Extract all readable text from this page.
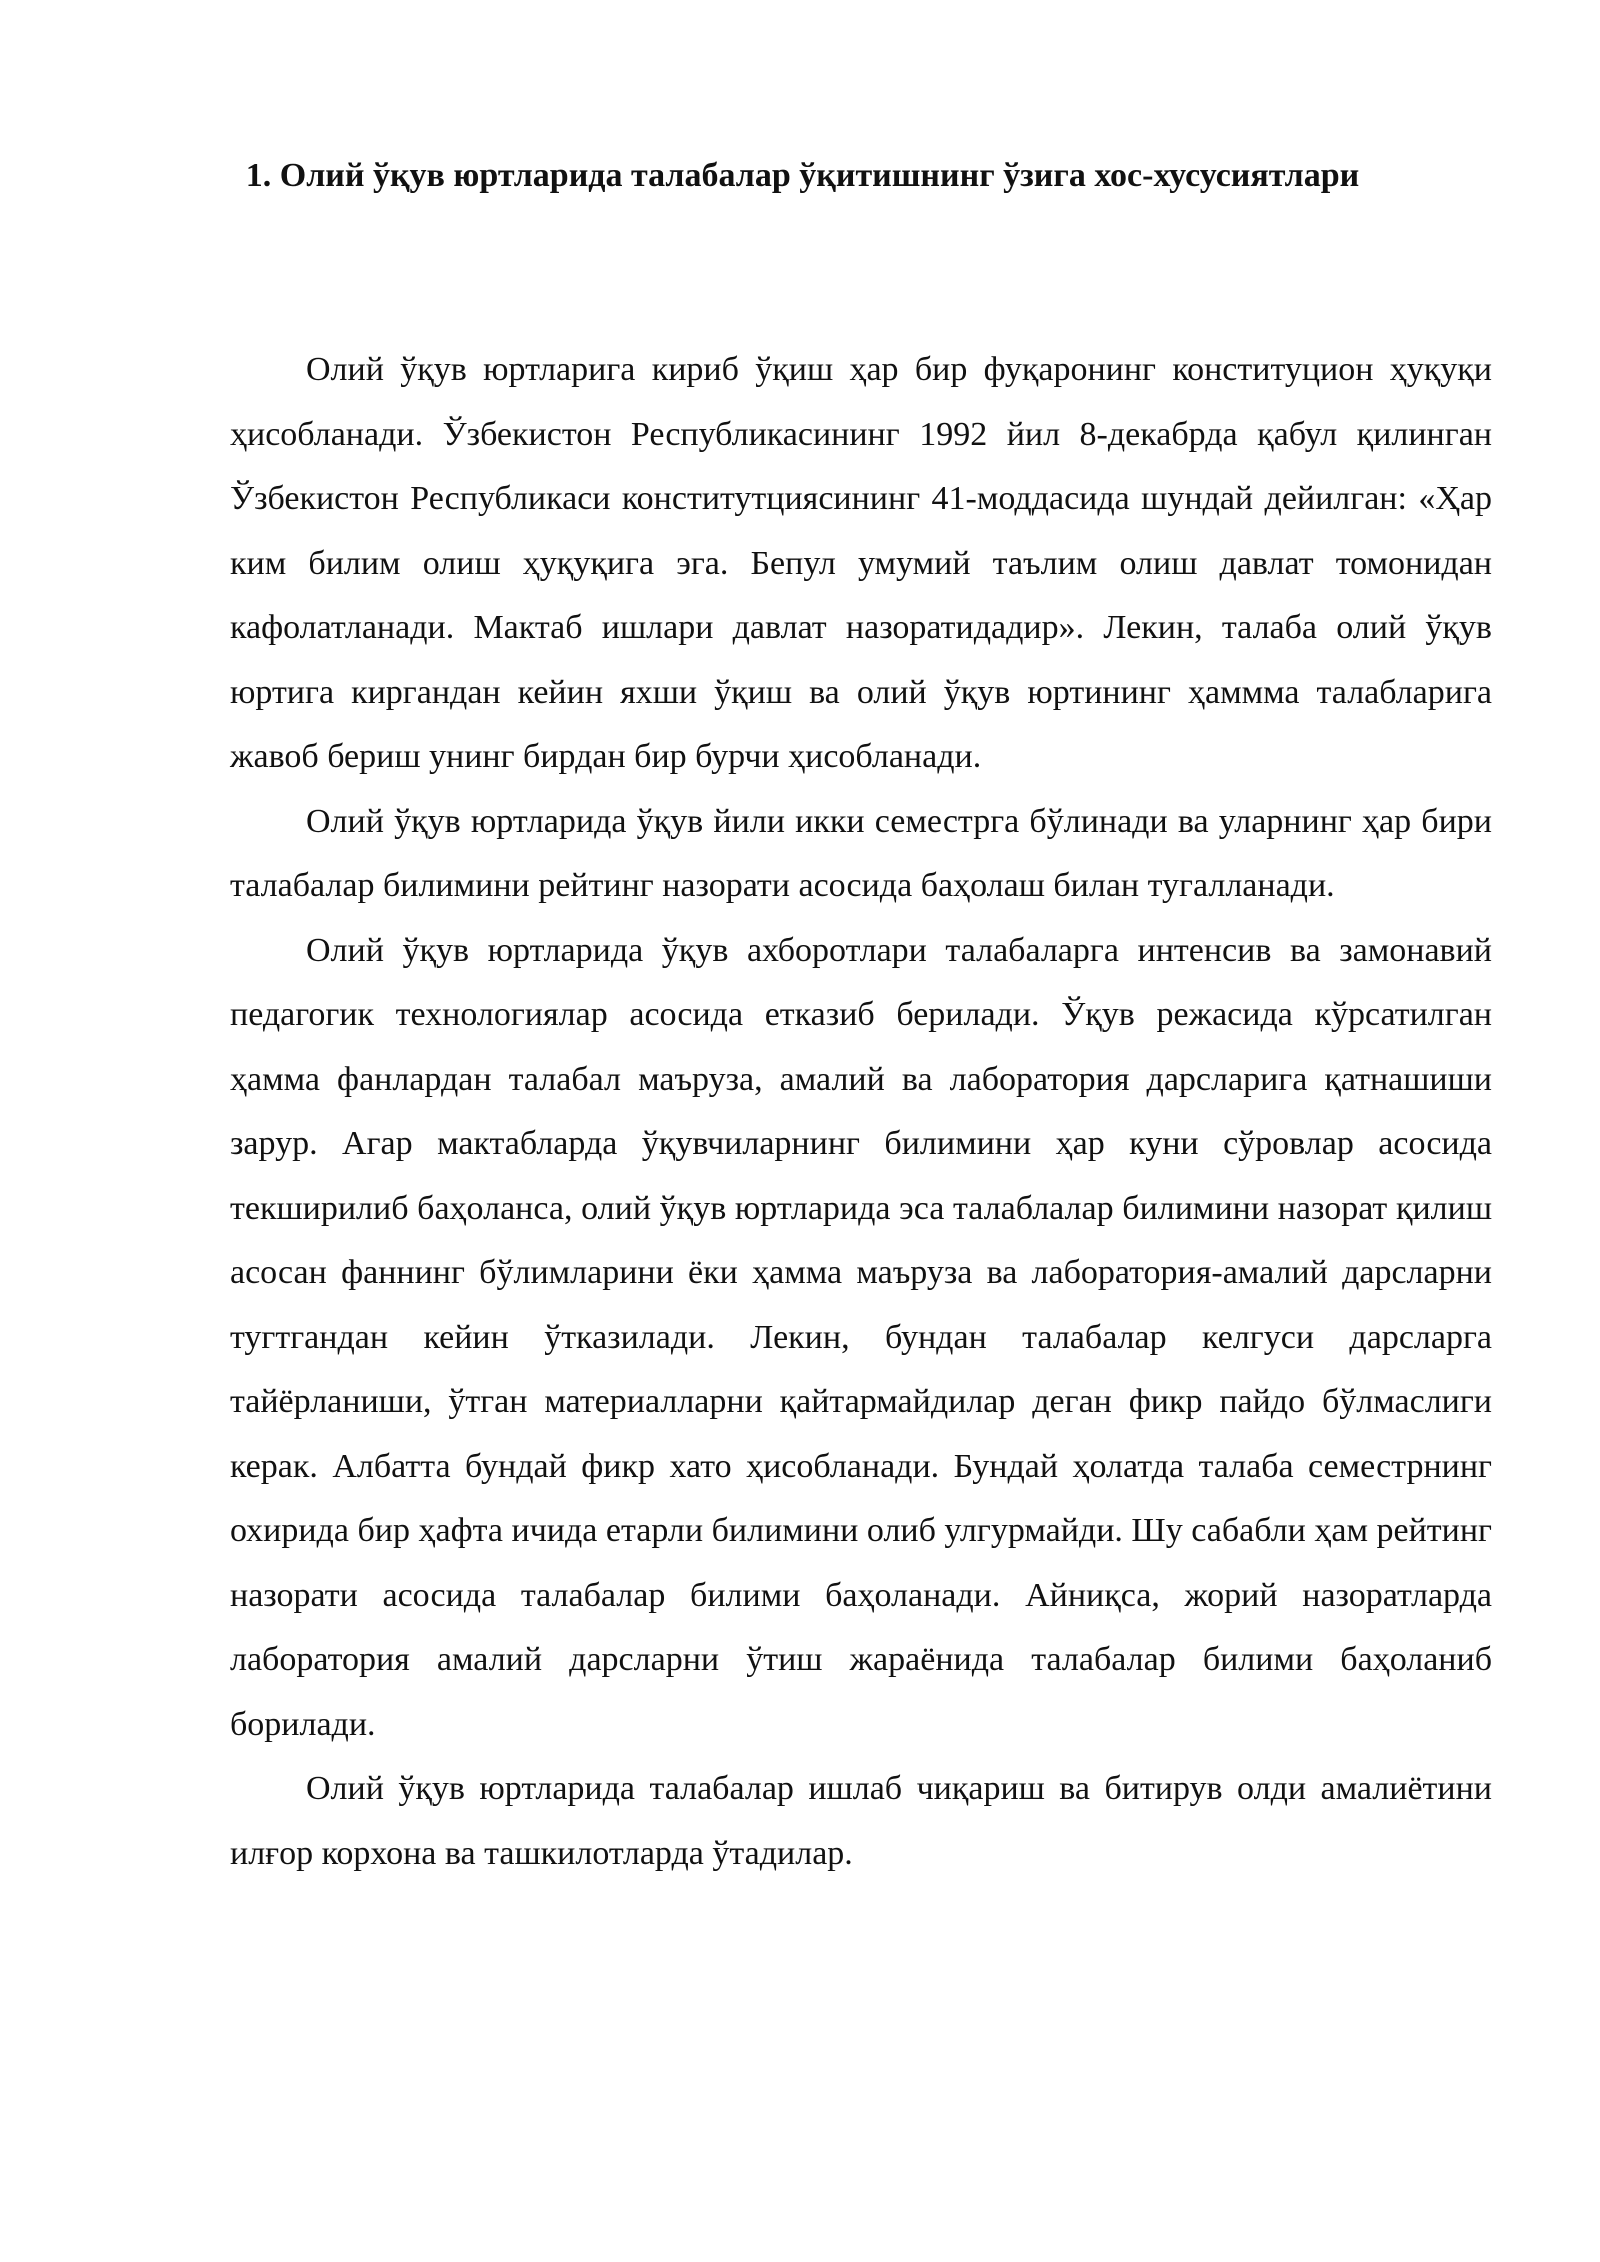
1. Олий ўқув юртларида талабалар ўқитишнинг ўзига хос-хусусиятлари

Олий ўқув юртларига кириб ўқиш ҳар бир фуқаронинг конституцион ҳуқуқи ҳисобланади. Ўзбекистон Республикасининг 1992 йил 8-декабрда қабул қилинган Ўзбекистон Республикаси конститутциясининг 41-моддасида шундай дейилган: «Ҳар ким билим олиш ҳуқуқига эга. Бепул умумий таълим олиш давлат томонидан кафолатланади. Мактаб ишлари давлат назоратидадир». Лекин, талаба олий ўқув юртига киргандан кейин яхши ўқиш ва олий ўқув юртининг ҳаммма талабларига жавоб бериш унинг бирдан бир бурчи ҳисобланади.

Олий ўқув юртларида ўқув йили икки семестрга бўлинади ва уларнинг ҳар бири талабалар билимини рейтинг назорати асосида баҳолаш билан тугалланади.

Олий ўқув юртларида ўқув ахборотлари талабаларга интенсив ва замонавий педагогик технологиялар асосида етказиб берилади. Ўқув режасида кўрсатилган ҳамма фанлардан талабал маъруза, амалий ва лаборатория дарсларига қатнашиши зарур. Агар мактабларда ўқувчиларнинг билимини ҳар куни сўровлар асосида текширилиб баҳоланса, олий ўқув юртларида эса талаблалар билимини назорат қилиш асосан фаннинг бўлимларини ёки ҳамма маъруза ва лаборатория-амалий дарсларни тугтгандан кейин ўтказилади. Лекин, бундан талабалар келгуси дарсларга тайёрланиши, ўтган материалларни қайтармайдилар деган фикр пайдо бўлмаслиги керак. Албатта бундай фикр хато ҳисобланади. Бундай ҳолатда талаба семестрнинг охирида бир ҳафта ичида етарли билимини олиб улгурмайди. Шу сабабли ҳам рейтинг назорати асосида талабалар билими баҳоланади. Айниқса, жорий назоратларда лаборатория амалий дарсларни ўтиш жараёнида талабалар билими баҳоланиб борилади.

Олий ўқув юртларида талабалар ишлаб чиқариш ва битирув олди амалиётини илғор корхона ва ташкилотларда ўтадилар.
